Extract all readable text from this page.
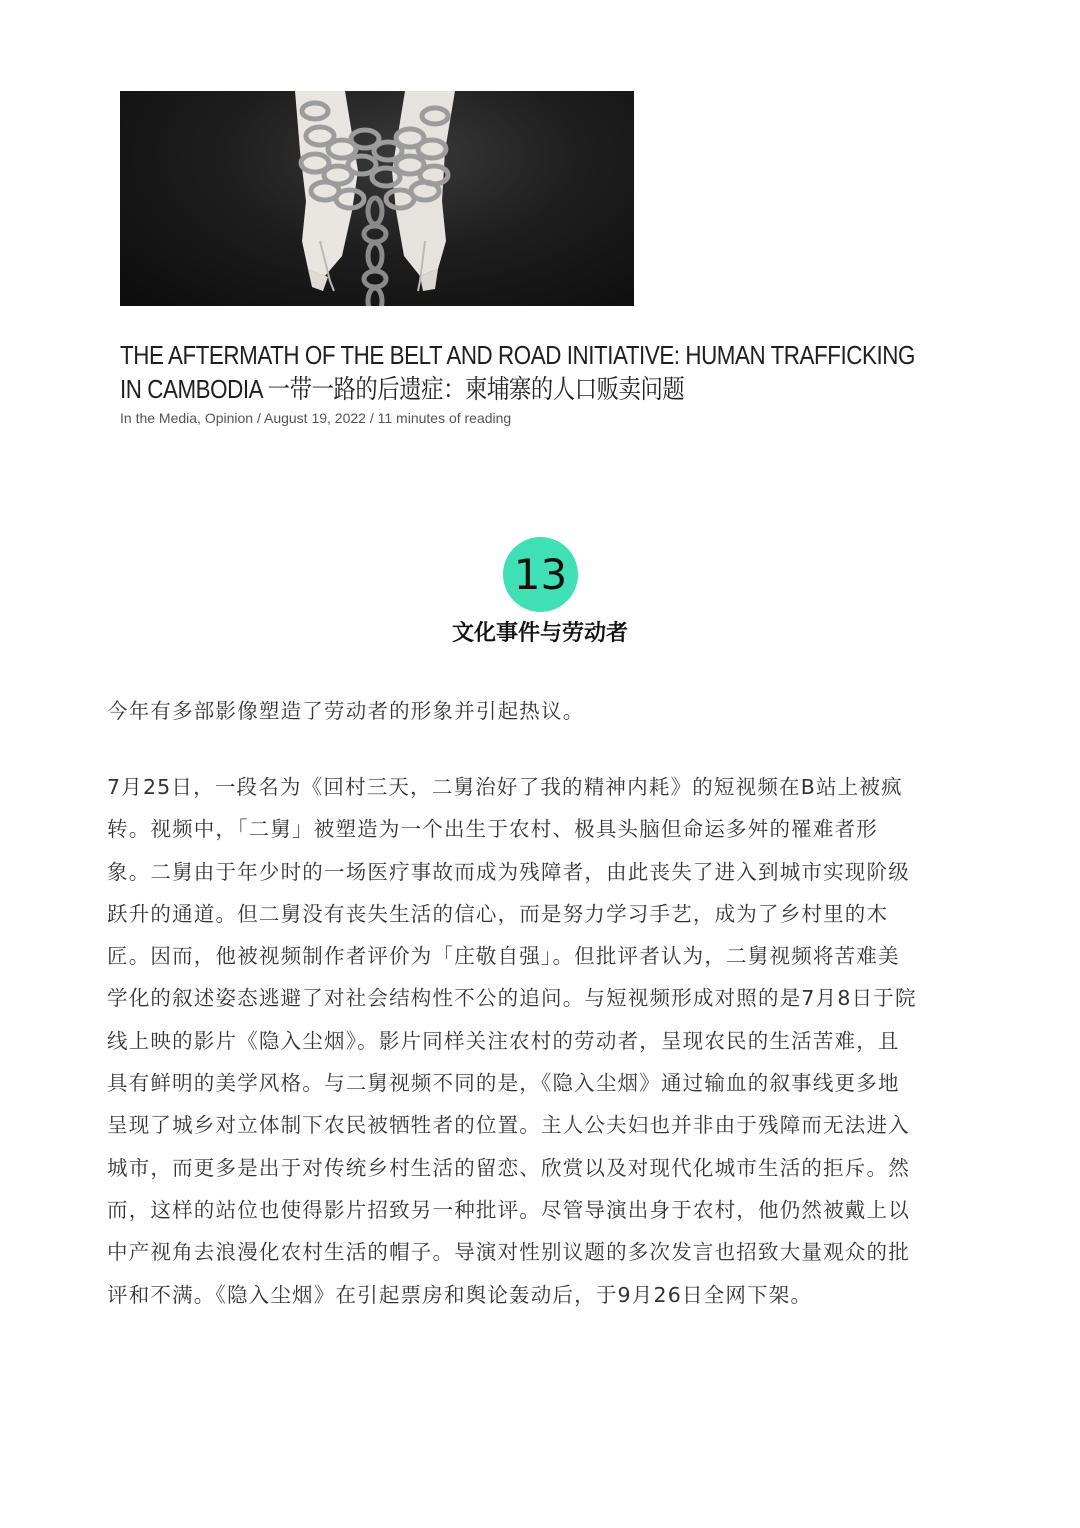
THE AFTERMATH OF THE BELT AND ROAD INITIATIVE: HUMAN TRAFFICKING
IN CAMBODIA 一带一路的后遗症：柬埔寨的人口贩卖问题
In the Media, Opinion / August 19, 2022 / 11 minutes of reading
13
文化事件与劳动者

今年有多部影像塑造了劳动者的形象并引起热议。

7月25日，一段名为《回村三天，二舅治好了我的精神内耗》的短视频在B站上被疯
转。视频中，「二舅」被塑造为一个出生于农村、极具头脑但命运多舛的罹难者形
象。二舅由于年少时的一场医疗事故而成为残障者，由此丧失了进入到城市实现阶级
跃升的通道。但二舅没有丧失生活的信心，而是努力学习手艺，成为了乡村里的木
匠。因而，他被视频制作者评价为「庄敬自强」。但批评者认为，二舅视频将苦难美
学化的叙述姿态逃避了对社会结构性不公的追问。与短视频形成对照的是7月8日于院
线上映的影片《隐入尘烟》。影片同样关注农村的劳动者，呈现农民的生活苦难，且
具有鲜明的美学风格。与二舅视频不同的是，《隐入尘烟》通过输血的叙事线更多地
呈现了城乡对立体制下农民被牺牲者的位置。主人公夫妇也并非由于残障而无法进入
城市，而更多是出于对传统乡村生活的留恋、欣赏以及对现代化城市生活的拒斥。然
而，这样的站位也使得影片招致另一种批评。尽管导演出身于农村，他仍然被戴上以
中产视角去浪漫化农村生活的帽子。导演对性别议题的多次发言也招致大量观众的批
评和不满。《隐入尘烟》在引起票房和舆论轰动后，于9月26日全网下架。
